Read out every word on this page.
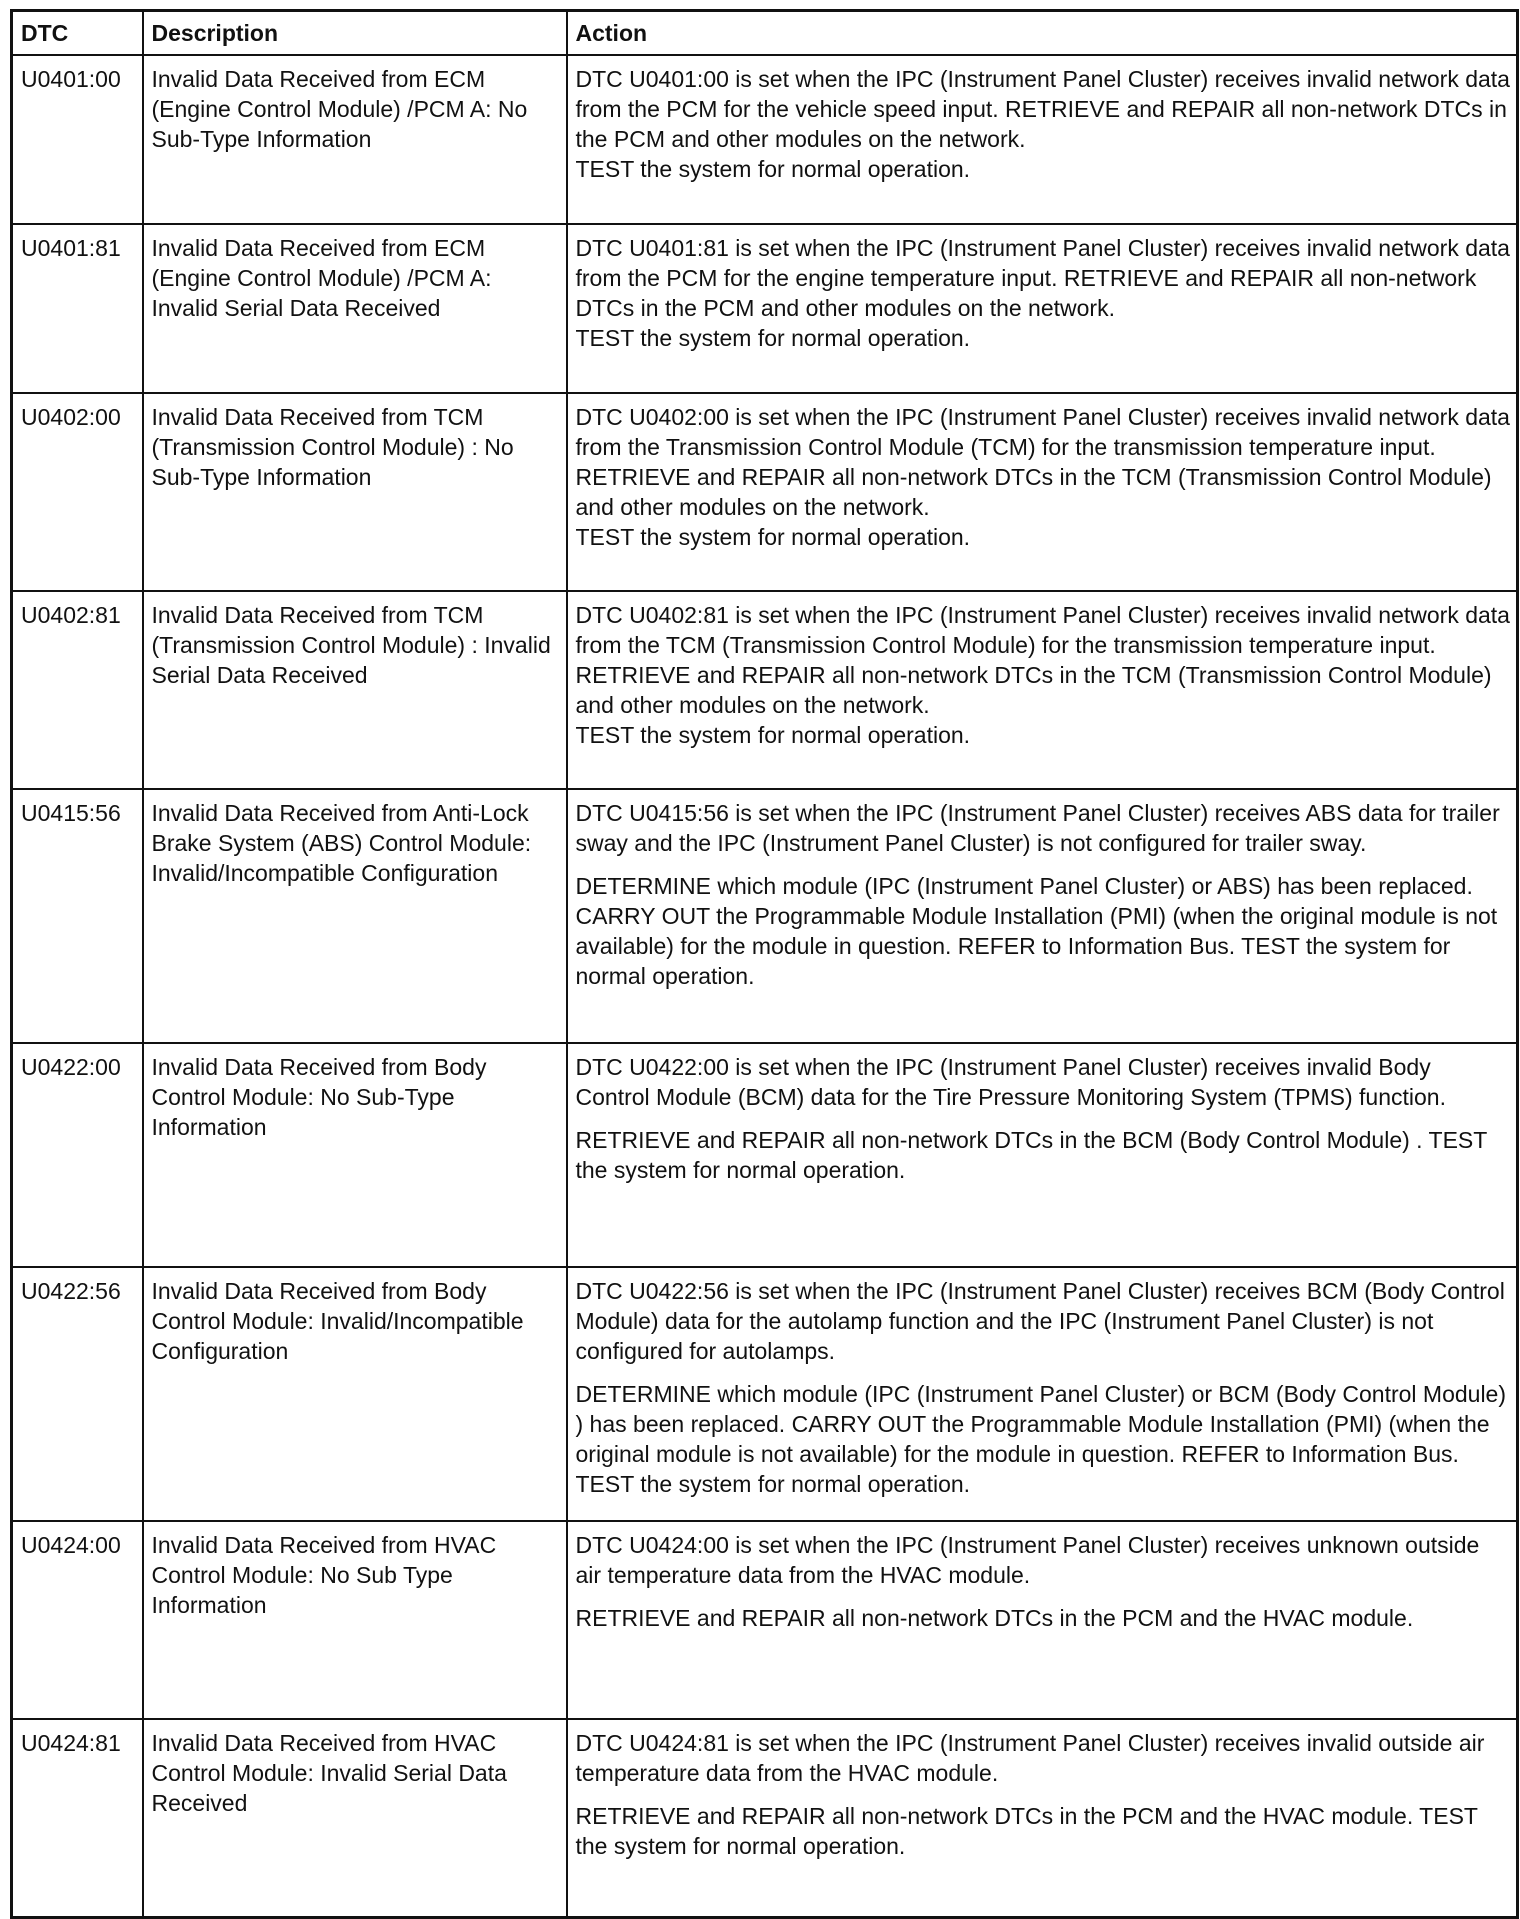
DTC	Description	Action
U0401:00	Invalid Data Received from ECM (Engine Control Module) /PCM A: No Sub-Type Information	DTC U0401:00 is set when the IPC (Instrument Panel Cluster) receives invalid network data from the PCM for the vehicle speed input. RETRIEVE and REPAIR all non-network DTCs in the PCM and other modules on the network.
TEST the system for normal operation.

U0401:81	Invalid Data Received from ECM (Engine Control Module) /PCM A: Invalid Serial Data Received	DTC U0401:81 is set when the IPC (Instrument Panel Cluster) receives invalid network data from the PCM for the engine temperature input. RETRIEVE and REPAIR all non-network DTCs in the PCM and other modules on the network.
TEST the system for normal operation.

U0402:00	Invalid Data Received from TCM (Transmission Control Module) : No Sub-Type Information	DTC U0402:00 is set when the IPC (Instrument Panel Cluster) receives invalid network data from the Transmission Control Module (TCM) for the transmission temperature input. RETRIEVE and REPAIR all non-network DTCs in the TCM (Transmission Control Module) and other modules on the network.
TEST the system for normal operation.

U0402:81	Invalid Data Received from TCM (Transmission Control Module) : Invalid Serial Data Received	DTC U0402:81 is set when the IPC (Instrument Panel Cluster) receives invalid network data from the TCM (Transmission Control Module) for the transmission temperature input. RETRIEVE and REPAIR all non-network DTCs in the TCM (Transmission Control Module) and other modules on the network.
TEST the system for normal operation.

U0415:56	Invalid Data Received from Anti-Lock Brake System (ABS) Control Module: Invalid/Incompatible Configuration	DTC U0415:56 is set when the IPC (Instrument Panel Cluster) receives ABS data for trailer sway and the IPC (Instrument Panel Cluster) is not configured for trailer sway.

DETERMINE which module (IPC (Instrument Panel Cluster) or ABS) has been replaced. CARRY OUT the Programmable Module Installation (PMI) (when the original module is not available) for the module in question. REFER to Information Bus. TEST the system for normal operation.

U0422:00	Invalid Data Received from Body Control Module: No Sub-Type Information	DTC U0422:00 is set when the IPC (Instrument Panel Cluster) receives invalid Body Control Module (BCM) data for the Tire Pressure Monitoring System (TPMS) function.

RETRIEVE and REPAIR all non-network DTCs in the BCM (Body Control Module) . TEST the system for normal operation.

U0422:56	Invalid Data Received from Body Control Module: Invalid/Incompatible Configuration	DTC U0422:56 is set when the IPC (Instrument Panel Cluster) receives BCM (Body Control Module) data for the autolamp function and the IPC (Instrument Panel Cluster) is not configured for autolamps.

DETERMINE which module (IPC (Instrument Panel Cluster) or BCM (Body Control Module) ) has been replaced. CARRY OUT the Programmable Module Installation (PMI) (when the original module is not available) for the module in question. REFER to Information Bus. TEST the system for normal operation.

U0424:00	Invalid Data Received from HVAC Control Module: No Sub Type Information	DTC U0424:00 is set when the IPC (Instrument Panel Cluster) receives unknown outside air temperature data from the HVAC module.

RETRIEVE and REPAIR all non-network DTCs in the PCM and the HVAC module.

U0424:81	Invalid Data Received from HVAC Control Module: Invalid Serial Data Received	DTC U0424:81 is set when the IPC (Instrument Panel Cluster) receives invalid outside air temperature data from the HVAC module.

RETRIEVE and REPAIR all non-network DTCs in the PCM and the HVAC module. TEST the system for normal operation.
